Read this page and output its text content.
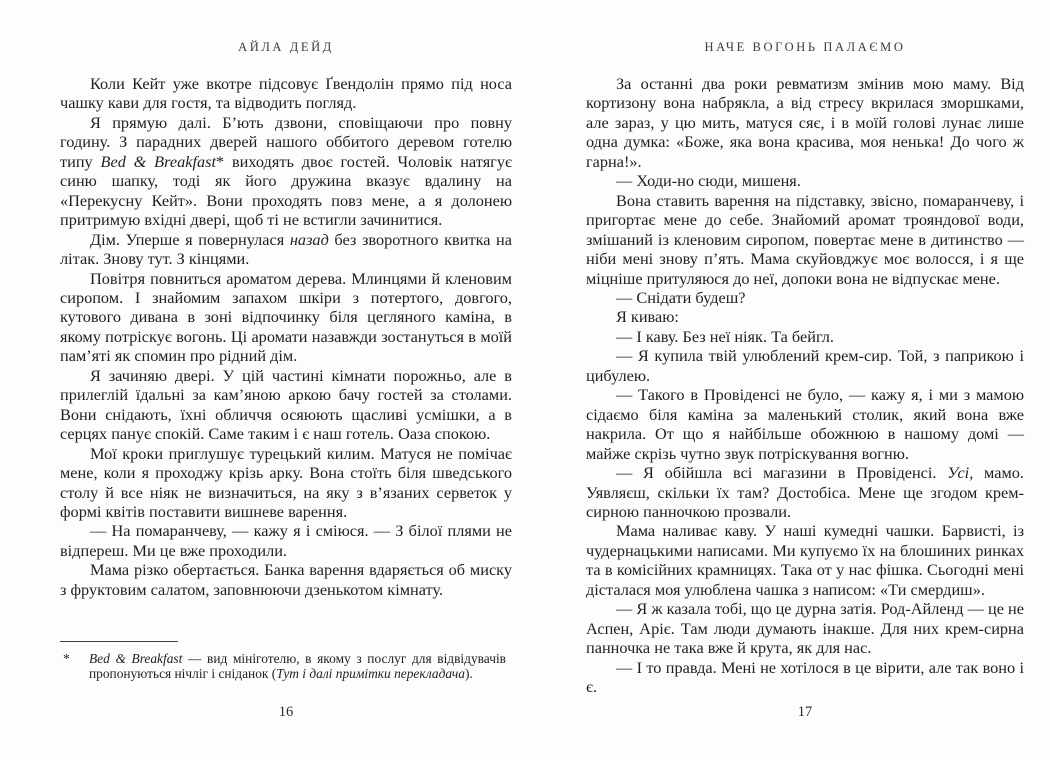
АЙЛА ДЕЙД

Коли Кейт уже вкотре підсовує Ґвендолін прямо під носа чашку кави для гостя, та відводить погляд.

Я прямую далі. Б’ють дзвони, сповіщаючи про повну годину. З парадних дверей нашого оббитого деревом готелю типу Bed & Breakfast* виходять двоє гостей. Чоловік натягує синю шапку, тоді як його дружина вказує вдалину на «Перекусну Кейт». Вони проходять повз мене, а я долонею притримую вхідні двері, щоб ті не встигли зачинитися.

Дім. Уперше я повернулася назад без зворотного квитка на літак. Знову тут. З кінцями.

Повітря повниться ароматом дерева. Млинцями й кленовим сиропом. І знайомим запахом шкіри з потертого, довгого, кутового дивана в зоні відпочинку біля цегляного каміна, в якому потріскує вогонь. Ці аромати назавжди зостануться в моїй пам’яті як спомин про рідний дім.

Я зачиняю двері. У цій частині кімнати порожньо, але в прилеглій їдальні за кам’яною аркою бачу гостей за столами. Вони снідають, їхні обличчя осяюють щасливі усмішки, а в серцях панує спокій. Саме таким і є наш готель. Оаза спокою.

Мої кроки приглушує турецький килим. Матуся не помічає мене, коли я проходжу крізь арку. Вона стоїть біля шведського столу й все ніяк не визначиться, на яку з в’язаних серветок у формі квітів поставити вишневе варення.

— На помаранчеву, — кажу я і сміюся. — З білої плями не відпереш. Ми це вже проходили.

Мама різко обертається. Банка варення вдаряється об миску з фруктовим салатом, заповнюючи дзенькотом кімнату.

*	Bed & Breakfast — вид мініготелю, в якому з послуг для відвідувачів пропонуються нічліг і сніданок (Тут і далі примітки перекладача).
16
НАЧЕ ВОГОНЬ ПАЛАЄМО

За останні два роки ревматизм змінив мою маму. Від кортизону вона набрякла, а від стресу вкрилася зморшками, але зараз, у цю мить, матуся сяє, і в моїй голові лунає лише одна думка: «Боже, яка вона красива, моя ненька! До чого ж гарна!».

— Ходи-но сюди, мишеня.

Вона ставить варення на підставку, звісно, помаранчеву, і пригортає мене до себе. Знайомий аромат трояндової води, змішаний із кленовим сиропом, повертає мене в дитинство — ніби мені знову п’ять. Мама скуйовджує моє волосся, і я ще міцніше притуляюся до неї, допоки вона не відпускає мене.

— Снідати будеш?

Я киваю:

— І каву. Без неї ніяк. Та бейгл.

— Я купила твій улюблений крем-сир. Той, з паприкою і цибулею.

— Такого в Провіденсі не було, — кажу я, і ми з мамою сідаємо біля каміна за маленький столик, який вона вже накрила. От що я найбільше обожнюю в нашому домі — майже скрізь чутно звук потріскування вогню.

— Я обійшла всі магазини в Провіденсі. Усі, мамо. Уявляєш, скільки їх там? Достобіса. Мене ще згодом крем-сирною панночкою прозвали.

Мама наливає каву. У наші кумедні чашки. Барвисті, із чудернацькими написами. Ми купуємо їх на блошиних ринках та в комісійних крамницях. Така от у нас фішка. Сьогодні мені дісталася моя улюблена чашка з написом: «Ти смердиш».

— Я ж казала тобі, що це дурна затія. Род-Айленд — це не Аспен, Аріє. Там люди думають інакше. Для них крем-сирна панночка не така вже й крута, як для нас.

— І то правда. Мені не хотілося в це вірити, але так воно і є.

17
